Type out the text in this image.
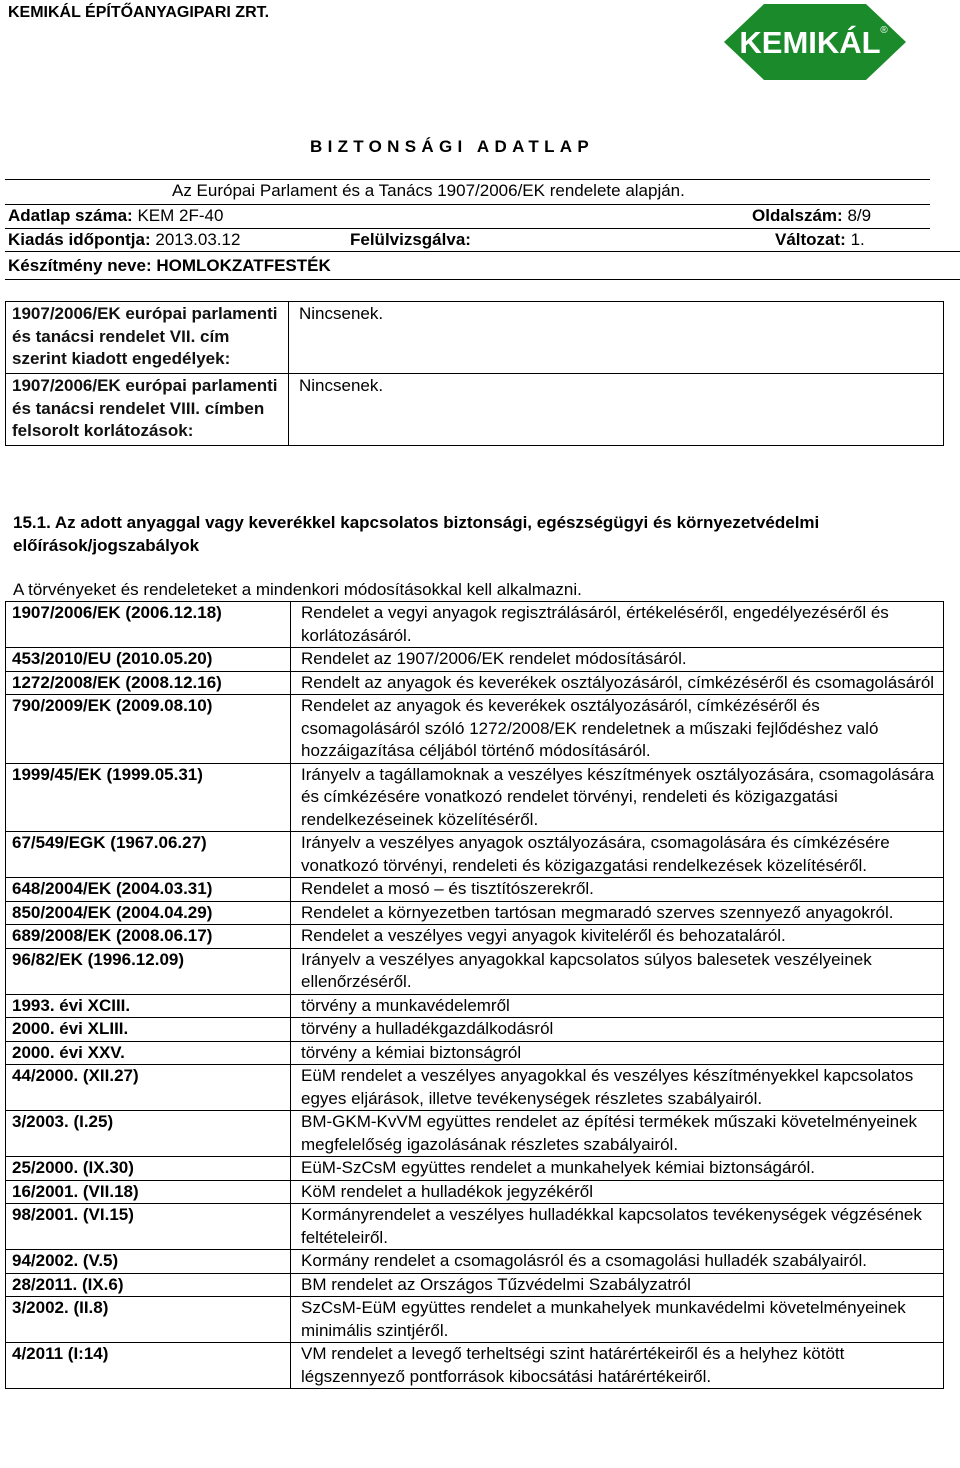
KEMIKÁL ÉPÍTŐANYAGIPARI ZRT.
KEMIKÁL ®
BIZTONSÁGI ADATLAP
Az Európai Parlament és a Tanács 1907/2006/EK rendelete alapján.
Adatlap száma: KEM 2F-40	Oldalszám: 8/9
Kiadás időpontja: 2013.03.12	Felülvizsgálva:	Változat: 1.
Készítmény neve: HOMLOKZATFESTÉK
1907/2006/EK európai parlamenti és tanácsi rendelet VII. cím szerint kiadott engedélyek:	Nincsenek.
1907/2006/EK európai parlamenti és tanácsi rendelet VIII. címben felsorolt korlátozások:	Nincsenek.
15.1. Az adott anyaggal vagy keverékkel kapcsolatos biztonsági, egészségügyi és környezetvédelmi előírások/jogszabályok
A törvényeket és rendeleteket a mindenkori módosításokkal kell alkalmazni.
1907/2006/EK (2006.12.18)	Rendelet a vegyi anyagok regisztrálásáról, értékeléséről, engedélyezéséről és korlátozásáról.
453/2010/EU (2010.05.20)	Rendelet az 1907/2006/EK rendelet módosításáról.
1272/2008/EK (2008.12.16)	Rendelt az anyagok és keverékek osztályozásáról, címkézéséről és csomagolásáról
790/2009/EK (2009.08.10)	Rendelet az anyagok és keverékek osztályozásáról, címkézéséről és csomagolásáról szóló 1272/2008/EK rendeletnek a műszaki fejlődéshez való hozzáigazítása céljából történő módosításáról.
1999/45/EK (1999.05.31)	Irányelv a tagállamoknak a veszélyes készítmények osztályozására, csomagolására és címkézésére vonatkozó rendelet törvényi, rendeleti és közigazgatási rendelkezéseinek közelítéséről.
67/549/EGK (1967.06.27)	Irányelv a veszélyes anyagok osztályozására, csomagolására és címkézésére vonatkozó törvényi, rendeleti és közigazgatási rendelkezések közelítéséről.
648/2004/EK (2004.03.31)	Rendelet a mosó – és tisztítószerekről.
850/2004/EK (2004.04.29)	Rendelet a környezetben tartósan megmaradó szerves szennyező anyagokról.
689/2008/EK (2008.06.17)	Rendelet a veszélyes vegyi anyagok kiviteléről és behozataláról.
96/82/EK (1996.12.09)	Irányelv a veszélyes anyagokkal kapcsolatos súlyos balesetek veszélyeinek ellenőrzéséről.
1993. évi XCIII.	törvény a munkavédelemről
2000. évi XLIII.	törvény a hulladékgazdálkodásról
2000. évi XXV.	törvény a kémiai biztonságról
44/2000. (XII.27)	EüM rendelet a veszélyes anyagokkal és veszélyes készítményekkel kapcsolatos egyes eljárások, illetve tevékenységek részletes szabályairól.
3/2003. (I.25)	BM-GKM-KvVM együttes rendelet az építési termékek műszaki követelményeinek megfelelőség igazolásának részletes szabályairól.
25/2000. (IX.30)	EüM-SzCsM együttes rendelet a munkahelyek kémiai biztonságáról.
16/2001. (VII.18)	KöM rendelet a hulladékok jegyzékéről
98/2001. (VI.15)	Kormányrendelet a veszélyes hulladékkal kapcsolatos tevékenységek végzésének feltételeiről.
94/2002. (V.5)	Kormány rendelet a csomagolásról és a csomagolási hulladék szabályairól.
28/2011. (IX.6)	BM rendelet az Országos Tűzvédelmi Szabályzatról
3/2002. (II.8)	SzCsM-EüM együttes rendelet a munkahelyek munkavédelmi követelményeinek minimális szintjéről.
4/2011 (I:14)	VM rendelet a levegő terheltségi szint határértékeiről és a helyhez kötött légszennyező pontforrások kibocsátási határértékeiről.
